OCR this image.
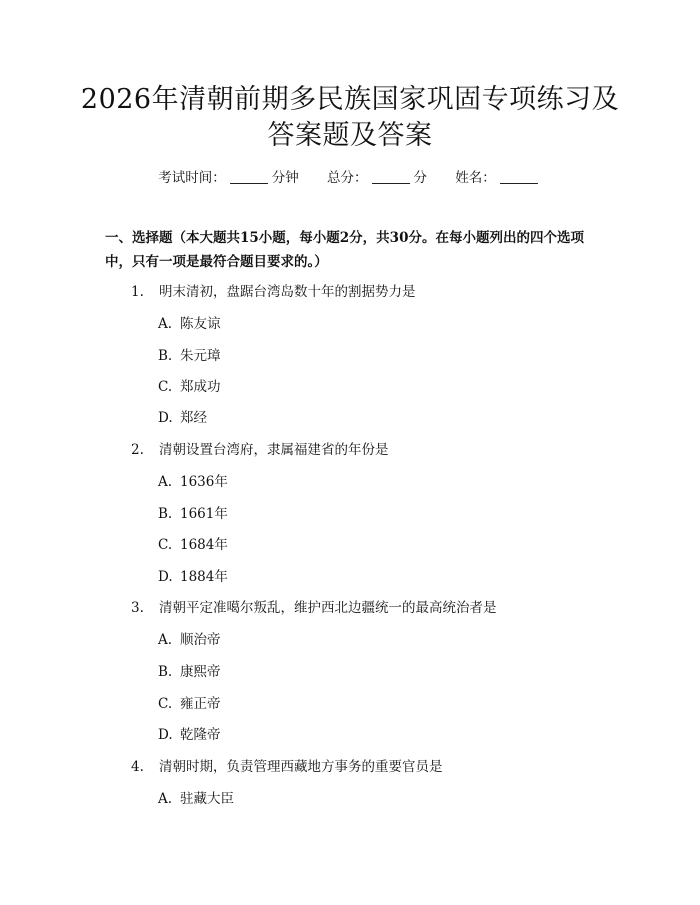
2026年清朝前期多民族国家巩固专项练习及
答案题及答案
考试时间：	分钟 总分：	分 姓名：
一、选择题（本大题共15小题，每小题2分，共30分。在每小题列出的四个选项中，只有一项是最符合题目要求的。）
1. 明末清初，盘踞台湾岛数十年的割据势力是
A. 陈友谅
B. 朱元璋
C. 郑成功
D. 郑经
2. 清朝设置台湾府，隶属福建省的年份是
A. 1636年
B. 1661年
C. 1684年
D. 1884年
3. 清朝平定准噶尔叛乱，维护西北边疆统一的最高统治者是
A. 顺治帝
B. 康熙帝
C. 雍正帝
D. 乾隆帝
4. 清朝时期，负责管理西藏地方事务的重要官员是
A. 驻藏大臣
